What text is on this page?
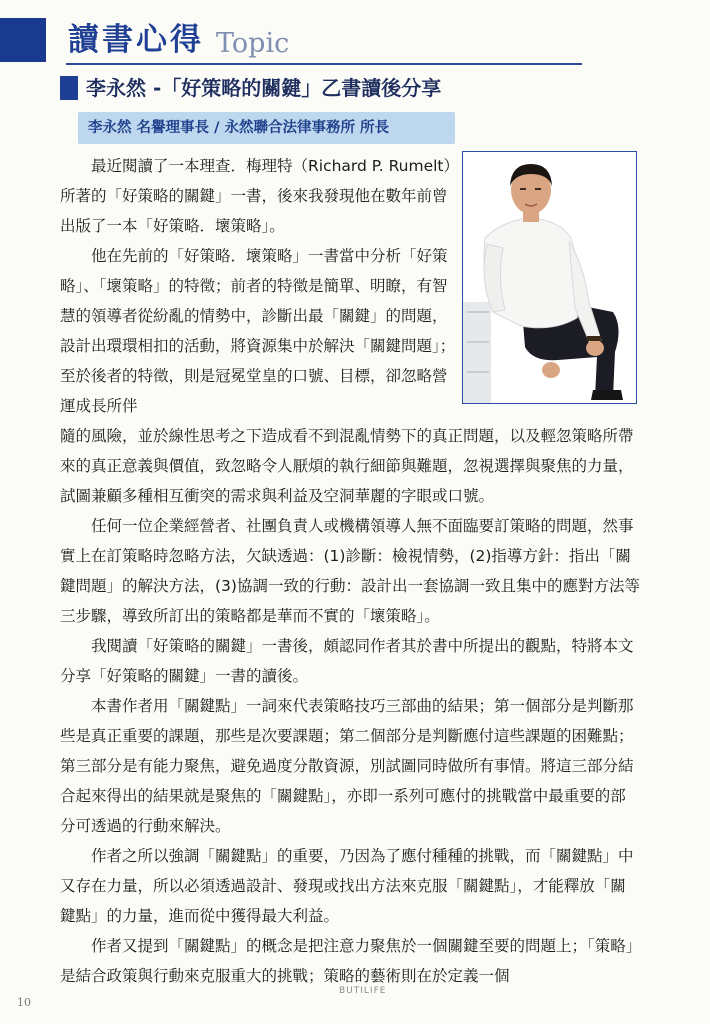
讀書心得 Topic
李永然 -「好策略的關鍵」乙書讀後分享
李永然 名譽理事長 / 永然聯合法律事務所 所長

最近閱讀了一本理查．梅理特（Richard P. Rumelt）所著的「好策略的關鍵」一書，後來我發現他在數年前曾出版了一本「好策略．壞策略」。

他在先前的「好策略．壞策略」一書當中分析「好策略」、「壞策略」的特徵；前者的特徵是簡單、明瞭，有智慧的領導者從紛亂的情勢中，診斷出最「關鍵」的問題，設計出環環相扣的活動，將資源集中於解決「關鍵問題」；至於後者的特徵，則是冠冕堂皇的口號、目標，卻忽略營運成長所伴

隨的風險，並於線性思考之下造成看不到混亂情勢下的真正問題，以及輕忽策略所帶來的真正意義與價值，致忽略令人厭煩的執行細節與難題，忽視選擇與聚焦的力量，試圖兼顧多種相互衝突的需求與利益及空洞華麗的字眼或口號。

任何一位企業經營者、社團負責人或機構領導人無不面臨要訂策略的問題，然事實上在訂策略時忽略方法，欠缺透過：(1)診斷：檢視情勢，(2)指導方針：指出「關鍵問題」的解決方法，(3)協調一致的行動：設計出一套協調一致且集中的應對方法等三步驟，導致所訂出的策略都是華而不實的「壞策略」。

我閱讀「好策略的關鍵」一書後，頗認同作者其於書中所提出的觀點，特將本文分享「好策略的關鍵」一書的讀後。

本書作者用「關鍵點」一詞來代表策略技巧三部曲的結果；第一個部分是判斷那些是真正重要的課題，那些是次要課題；第二個部分是判斷應付這些課題的困難點；第三部分是有能力聚焦，避免過度分散資源，別試圖同時做所有事情。將這三部分結合起來得出的結果就是聚焦的「關鍵點」，亦即一系列可應付的挑戰當中最重要的部分可透過的行動來解決。

作者之所以強調「關鍵點」的重要，乃因為了應付種種的挑戰，而「關鍵點」中又存在力量，所以必須透過設計、發現或找出方法來克服「關鍵點」，才能釋放「關鍵點」的力量，進而從中獲得最大利益。

作者又提到「關鍵點」的概念是把注意力聚焦於一個關鍵至要的問題上；「策略」是結合政策與行動來克服重大的挑戰；策略的藝術則在於定義一個

10
BUTILIFE
